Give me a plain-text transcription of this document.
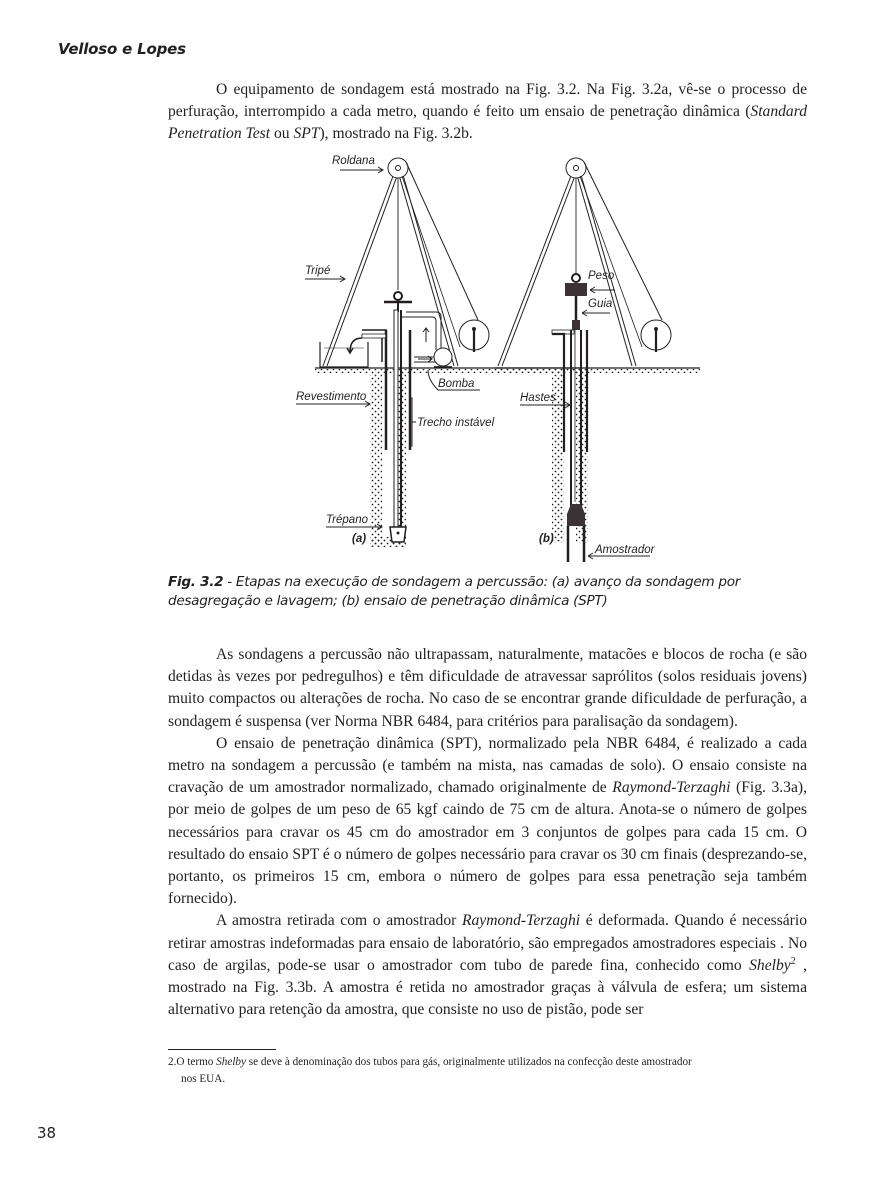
Velloso e Lopes

O equipamento de sondagem está mostrado na Fig. 3.2. Na Fig. 3.2a, vê-se o processo de perfuração, interrompido a cada metro, quando é feito um ensaio de penetração dinâmica (Standard Penetration Test ou SPT), mostrado na Fig. 3.2b.

Roldana
Tripé
Bomba
Revestimento
Trecho instável
Trépano
(a)
Peso
Guia
Hastes
(b)
Amostrador
Fig. 3.2 - Etapas na execução de sondagem a percussão: (a) avanço da sondagem por desagregação e lavagem; (b) ensaio de penetração dinâmica (SPT)

As sondagens a percussão não ultrapassam, naturalmente, matacões e blocos de rocha (e são detidas às vezes por pedregulhos) e têm dificuldade de atravessar saprólitos (solos residuais jovens) muito compactos ou alterações de rocha. No caso de se encontrar grande dificuldade de perfuração, a sondagem é suspensa (ver Norma NBR 6484, para critérios para paralisação da sondagem).

O ensaio de penetração dinâmica (SPT), normalizado pela NBR 6484, é realizado a cada metro na sondagem a percussão (e também na mista, nas camadas de solo). O ensaio consiste na cravação de um amostrador normalizado, chamado originalmente de Raymond-Terzaghi (Fig. 3.3a), por meio de golpes de um peso de 65 kgf caindo de 75 cm de altura. Anota-se o número de golpes necessários para cravar os 45 cm do amostrador em 3 conjuntos de golpes para cada 15 cm. O resultado do ensaio SPT é o número de golpes necessário para cravar os 30 cm finais (desprezando-se, portanto, os primeiros 15 cm, embora o número de golpes para essa penetração seja também fornecido).

A amostra retirada com o amostrador Raymond-Terzaghi é deformada. Quando é necessário retirar amostras indeformadas para ensaio de laboratório, são empregados amostradores especiais . No caso de argilas, pode-se usar o amostrador com tubo de parede fina, conhecido como Shelby$^2$ , mostrado na Fig. 3.3b. A amostra é retida no amostrador graças à válvula de esfera; um sistema alternativo para retenção da amostra, que consiste no uso de pistão, pode ser

2.O termo Shelby se deve à denominação dos tubos para gás, originalmente utilizados na confecção deste amostrador
nos EUA.
38
